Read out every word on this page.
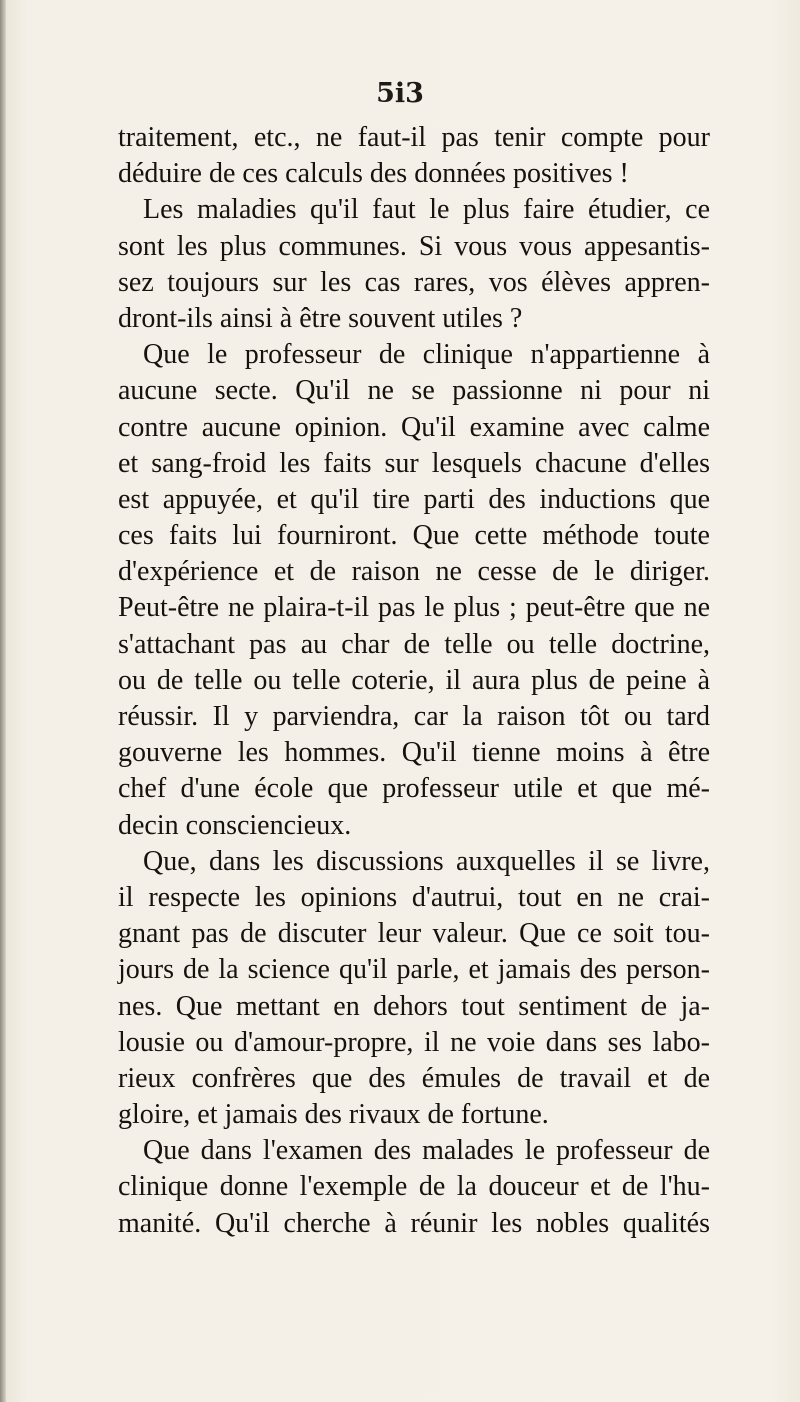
5i3
traitement, etc., ne faut-il pas tenir compte pour
déduire de ces calculs des données positives !
Les maladies qu'il faut le plus faire étudier, ce
sont les plus communes. Si vous vous appesantis-
sez toujours sur les cas rares, vos élèves appren-
dront-ils ainsi à être souvent utiles ?
Que le professeur de clinique n'appartienne à
aucune secte. Qu'il ne se passionne ni pour ni
contre aucune opinion. Qu'il examine avec calme
et sang-froid les faits sur lesquels chacune d'elles
est appuyée, et qu'il tire parti des inductions que
ces faits lui fourniront. Que cette méthode toute
d'expérience et de raison ne cesse de le diriger.
Peut-être ne plaira-t-il pas le plus ; peut-être que ne
s'attachant pas au char de telle ou telle doctrine,
ou de telle ou telle coterie, il aura plus de peine à
réussir. Il y parviendra, car la raison tôt ou tard
gouverne les hommes. Qu'il tienne moins à être
chef d'une école que professeur utile et que mé-
decin consciencieux.
Que, dans les discussions auxquelles il se livre,
il respecte les opinions d'autrui, tout en ne crai-
gnant pas de discuter leur valeur. Que ce soit tou-
jours de la science qu'il parle, et jamais des person-
nes. Que mettant en dehors tout sentiment de ja-
lousie ou d'amour-propre, il ne voie dans ses labo-
rieux confrères que des émules de travail et de
gloire, et jamais des rivaux de fortune.
Que dans l'examen des malades le professeur de
clinique donne l'exemple de la douceur et de l'hu-
manité. Qu'il cherche à réunir les nobles qualités
